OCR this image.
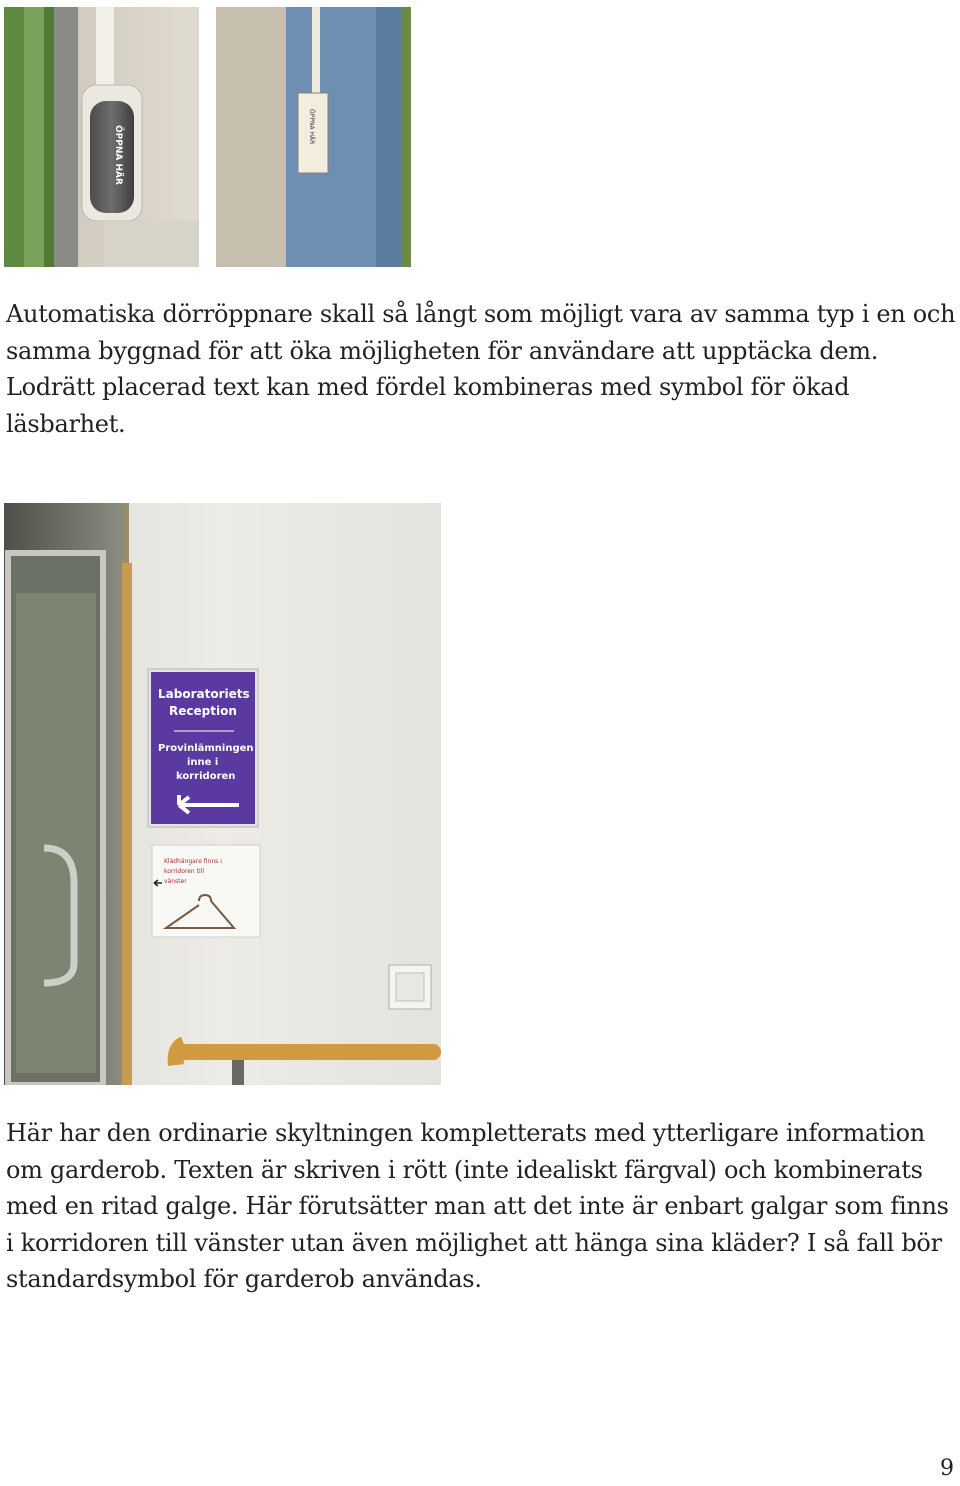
ÖPPNA HÄR	ÖPPNA HÄR

Automatiska dörröppnare skall så långt som möjligt vara av samma typ i en och samma byggnad för att öka möjligheten för användare att upptäcka dem. Lodrätt placerad text kan med fördel kombineras med symbol för ökad läsbarhet.

Laboratoriets
Reception
Provinlämningen
inne i
korridoren
Klädhängare finns i
korridoren till
vänster

Här har den ordinarie skyltningen kompletterats med ytterligare information om garderob. Texten är skriven i rött (inte idealiskt färgval) och kombinerats med en ritad galge. Här förutsätter man att det inte är enbart galgar som finns i korridoren till vänster utan även möjlighet att hänga sina kläder? I så fall bör standardsymbol för garderob användas.

9
